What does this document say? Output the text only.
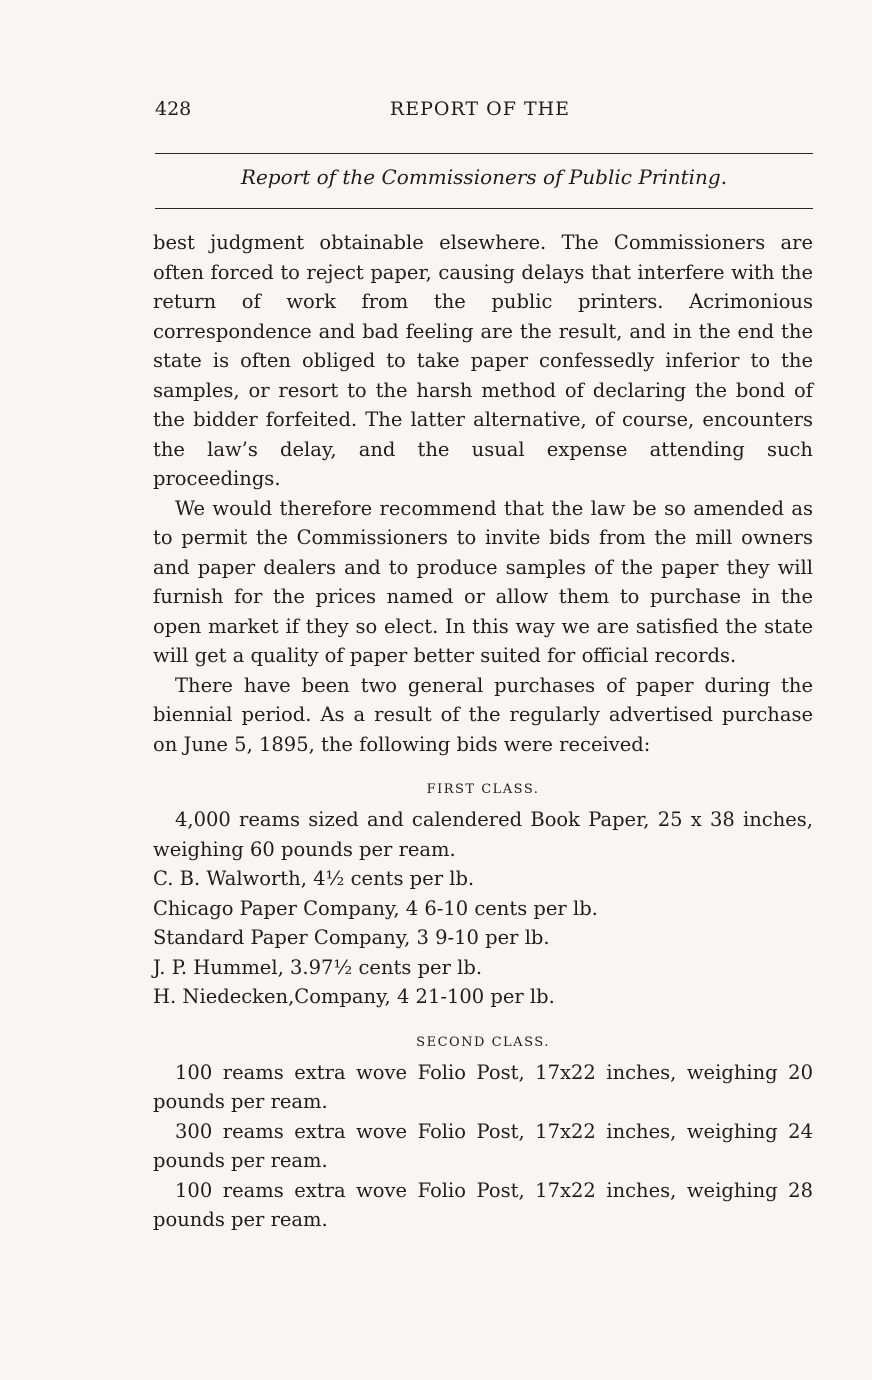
428	REPORT OF THE
Report of the Commissioners of Public Printing.

best judgment obtainable elsewhere. The Commissioners are often forced to reject paper, causing delays that interfere with the return of work from the public printers. Acrimonious correspondence and bad feeling are the result, and in the end the state is often obliged to take paper confessedly inferior to the samples, or resort to the harsh method of declaring the bond of the bidder forfeited. The latter alternative, of course, encounters the law’s delay, and the usual expense attending such proceedings.

We would therefore recommend that the law be so amended as to permit the Commissioners to invite bids from the mill owners and paper dealers and to produce samples of the paper they will furnish for the prices named or allow them to purchase in the open market if they so elect. In this way we are satisfied the state will get a quality of paper better suited for official records.

There have been two general purchases of paper during the biennial period. As a result of the regularly advertised purchase on June 5, 1895, the following bids were received:

FIRST CLASS.

4,000 reams sized and calendered Book Paper, 25 x 38 inches, weighing 60 pounds per ream.

C. B. Walworth, 4½ cents per lb.

Chicago Paper Company, 4 6-10 cents per lb.

Standard Paper Company, 3 9-10 per lb.

J. P. Hummel, 3.97½ cents per lb.

H. Niedecken,Company, 4 21-100 per lb.

SECOND CLASS.

100 reams extra wove Folio Post, 17x22 inches, weighing 20 pounds per ream.

300 reams extra wove Folio Post, 17x22 inches, weighing 24 pounds per ream.

100 reams extra wove Folio Post, 17x22 inches, weighing 28 pounds per ream.
